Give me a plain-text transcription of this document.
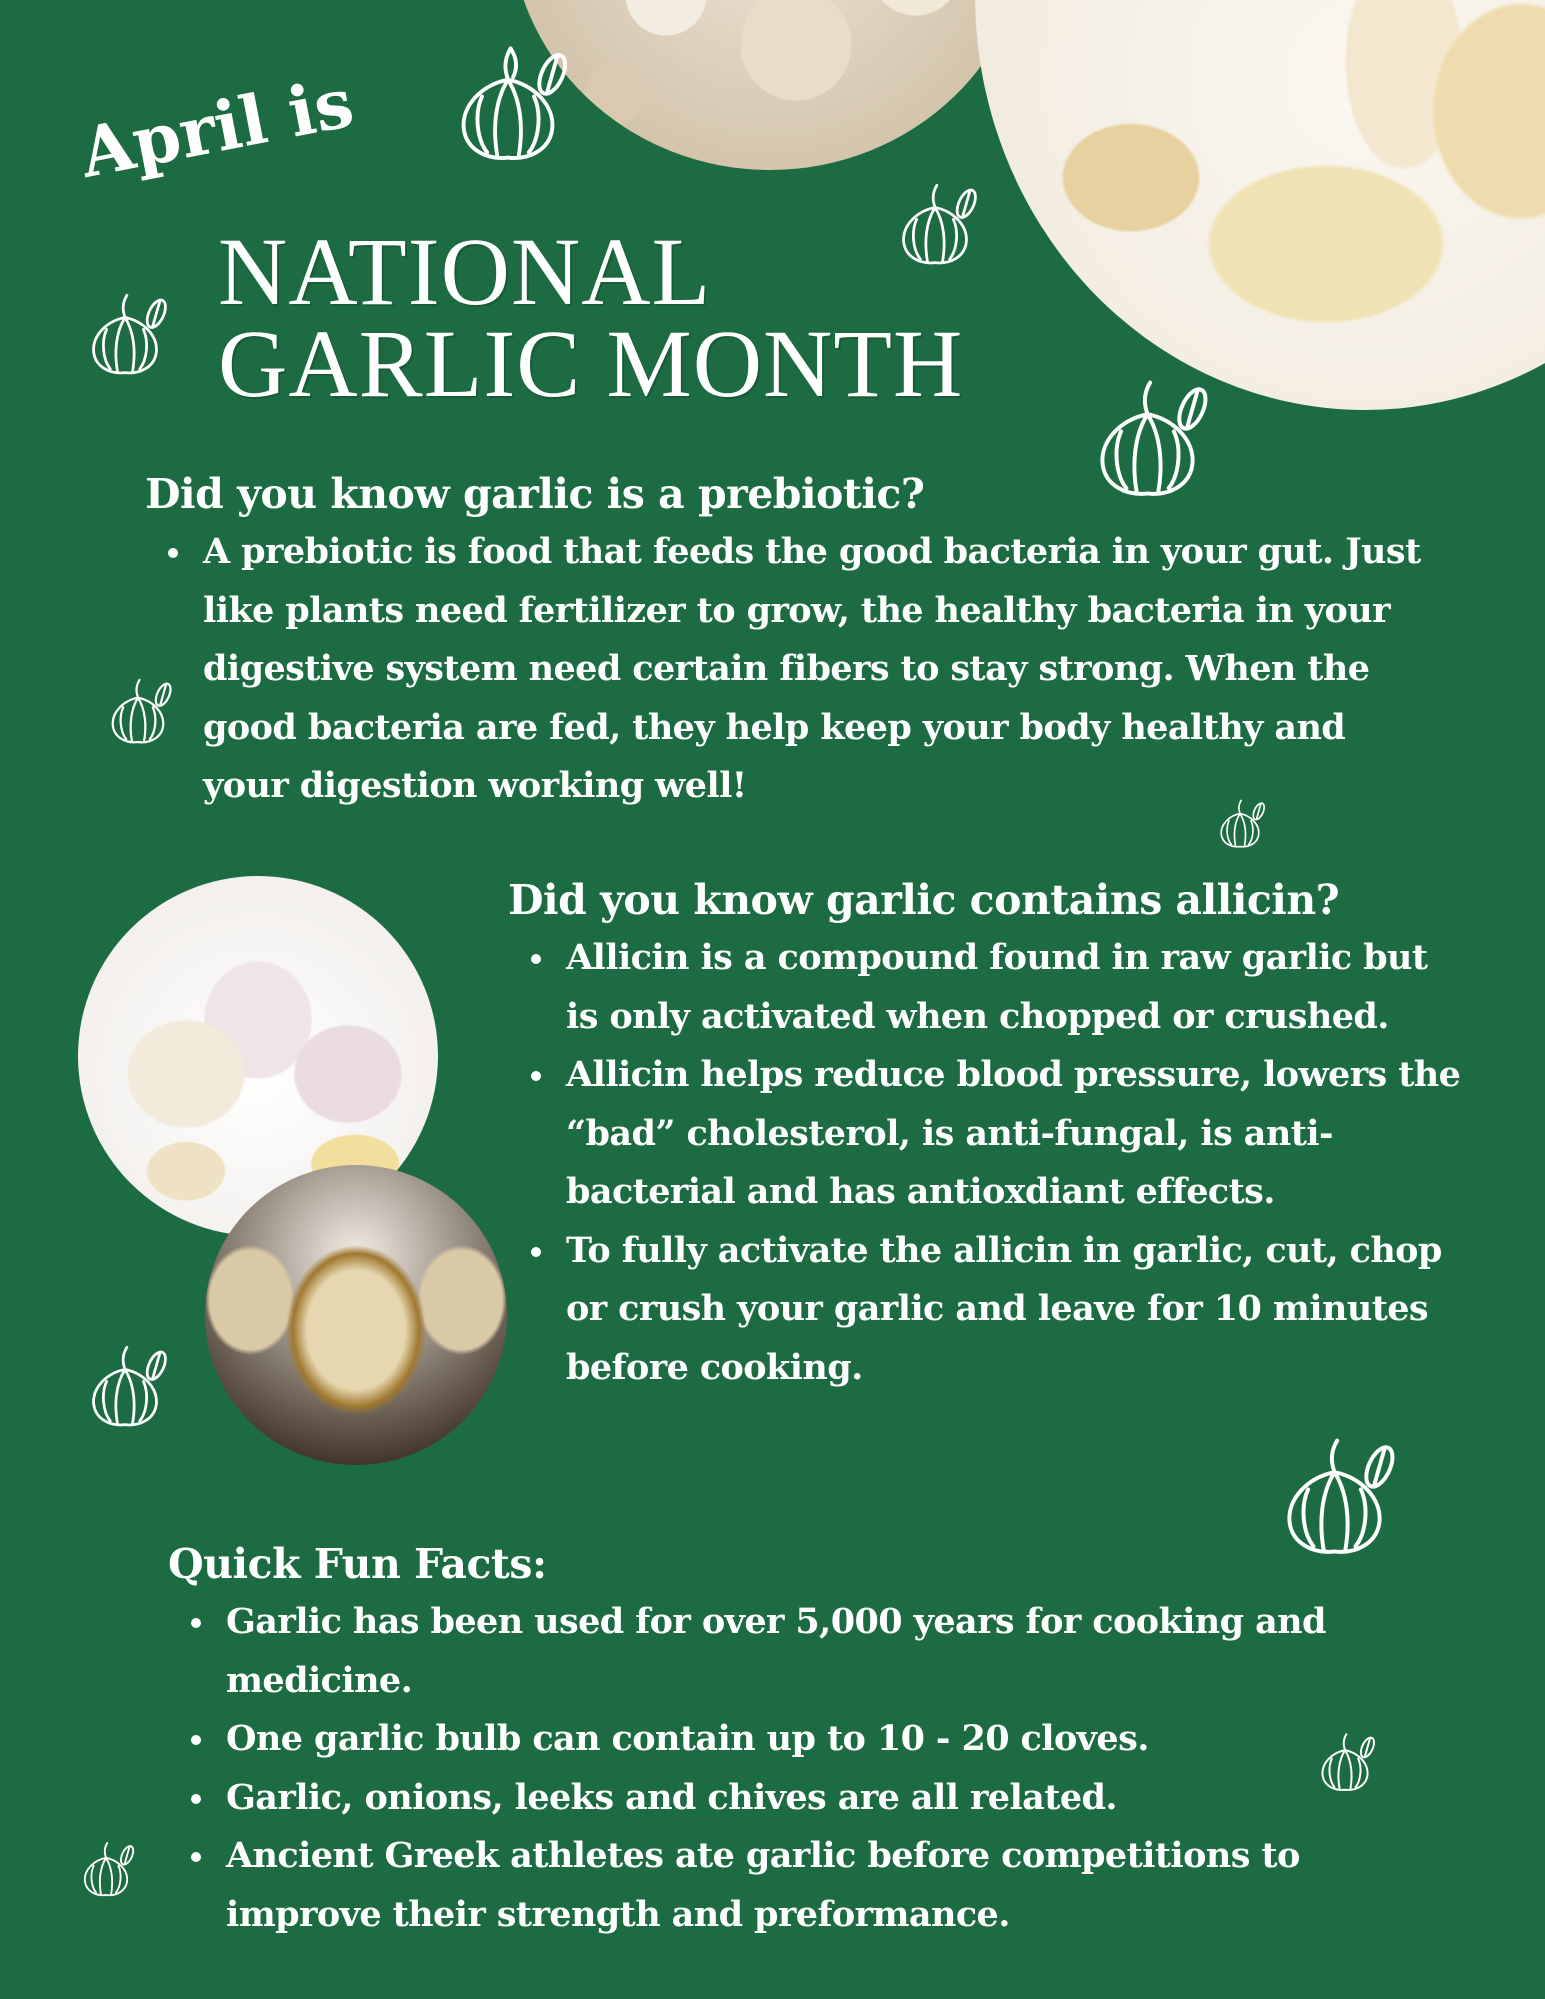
April is

NATIONAL
GARLIC MONTH
Did you know garlic is a prebiotic?
A prebiotic is food that feeds the good bacteria in your gut. Just like plants need fertilizer to grow, the healthy bacteria in your digestive system need certain fibers to stay strong. When the good bacteria are fed, they help keep your body healthy and your digestion working well!
Did you know garlic contains allicin?
Allicin is a compound found in raw garlic but is only activated when chopped or crushed.
Allicin helps reduce blood pressure, lowers the “bad” cholesterol, is anti-fungal, is anti-bacterial and has antioxdiant effects.
To fully activate the allicin in garlic, cut, chop or crush your garlic and leave for 10 minutes before cooking.
Quick Fun Facts:
Garlic has been used for over 5,000 years for cooking and medicine.
One garlic bulb can contain up to 10 - 20 cloves.
Garlic, onions, leeks and chives are all related.
Ancient Greek athletes ate garlic before competitions to improve their strength and preformance.
